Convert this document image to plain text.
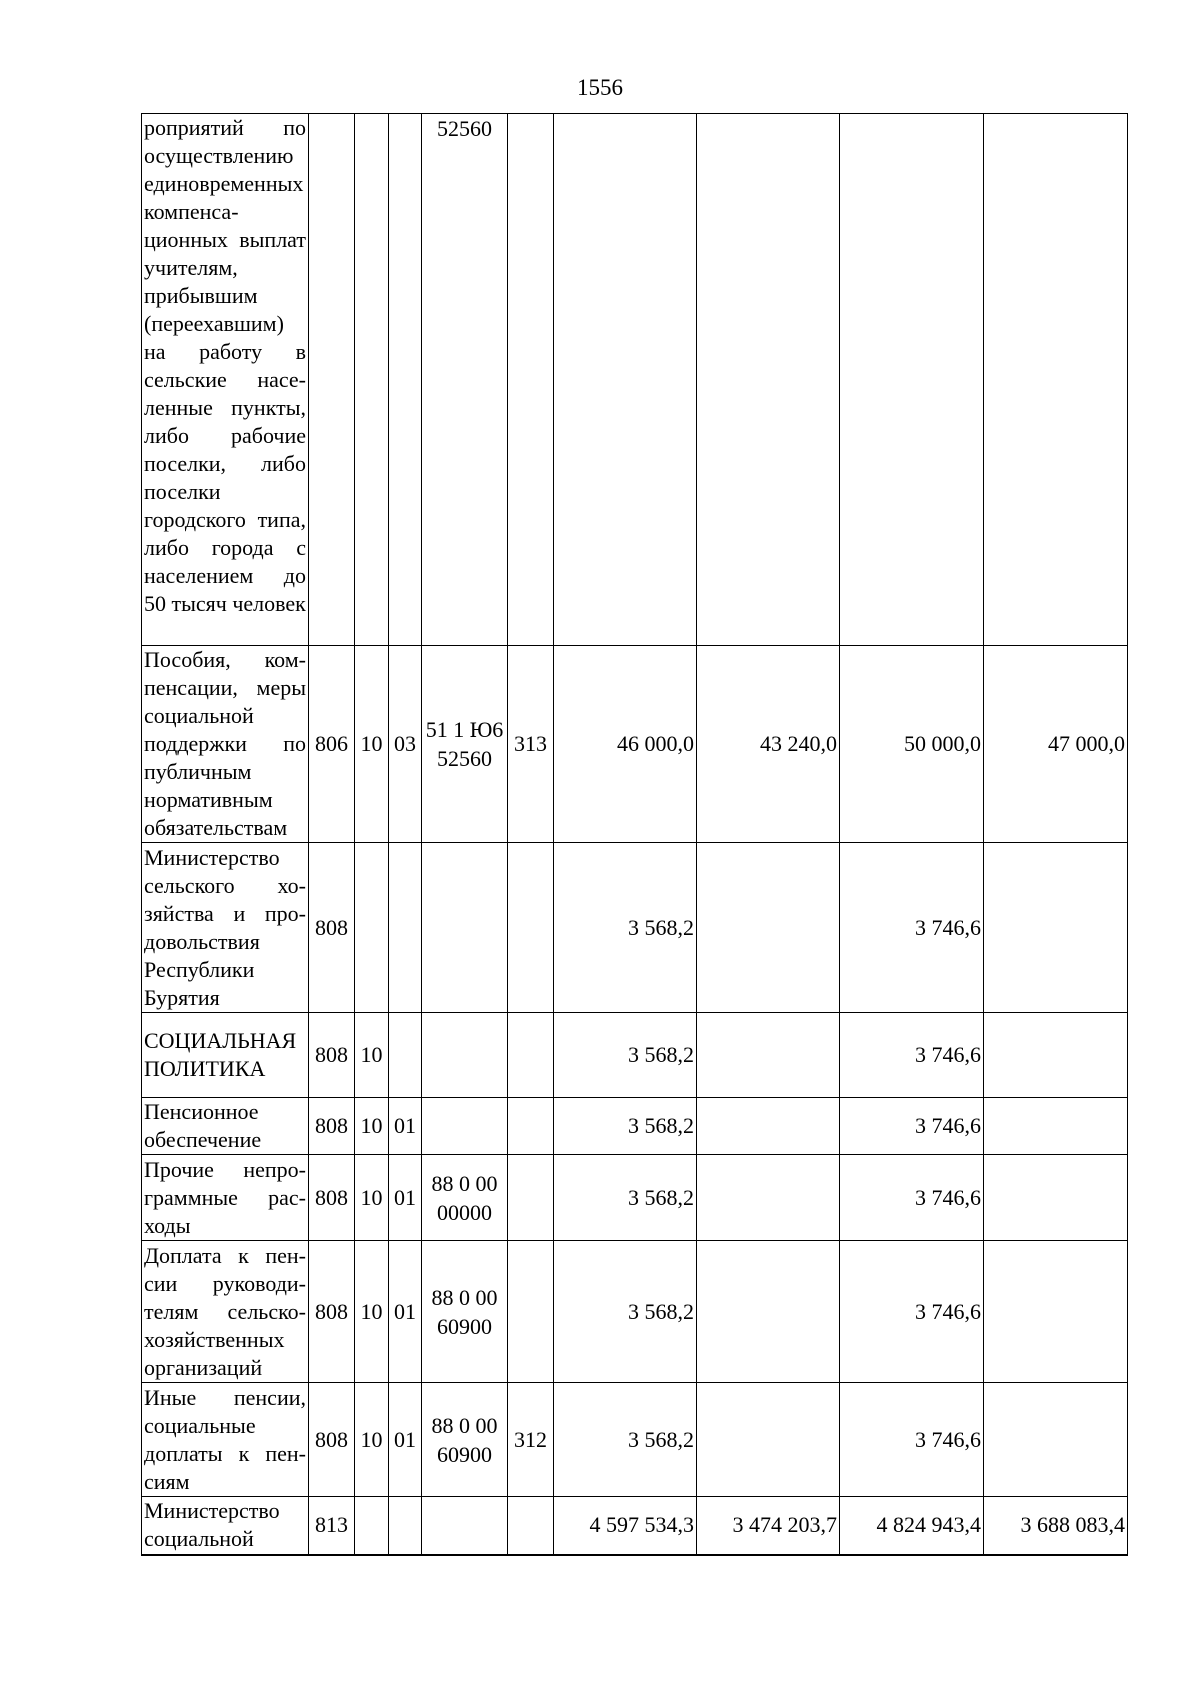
1556
роприятий по осуществлению единовременных компенсационных выплат учителям, прибывшим (переехавшим) на работу в сельские населенные пункты, либо рабочие поселки, либо поселки городского типа, либо города с населением до 50 тысяч человек				52560					
Пособия, компенсации, меры социальной поддержки по публичным нормативным обязательствам	806	10	03	51 1 Ю6 52560	313	46 000,0	43 240,0	50 000,0	47 000,0
Министерство сельского хозяйства и продовольствия Республики Бурятия	808					3 568,2		3 746,6	
СОЦИАЛЬНАЯ ПОЛИТИКА	808	10				3 568,2		3 746,6	
Пенсионное обеспечение	808	10	01			3 568,2		3 746,6	
Прочие непрограммные расходы	808	10	01	88 0 00 00000		3 568,2		3 746,6	
Доплата к пенсии руководителям сельскохозяйственных организаций	808	10	01	88 0 00 60900		3 568,2		3 746,6	
Иные пенсии, социальные доплаты к пенсиям	808	10	01	88 0 00 60900	312	3 568,2		3 746,6	
Министерство социальной	813					4 597 534,3	3 474 203,7	4 824 943,4	3 688 083,4
